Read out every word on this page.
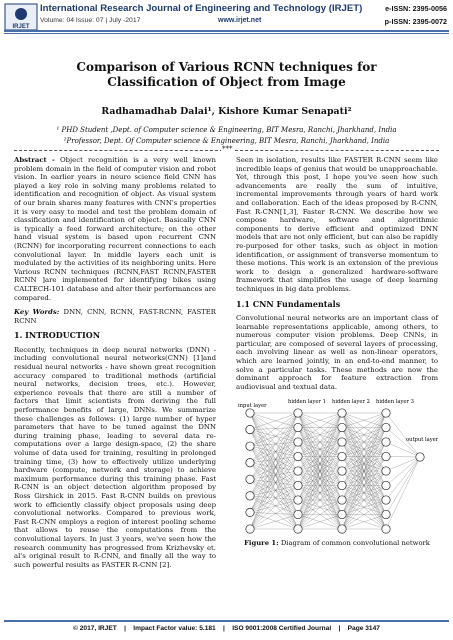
IRJET
International Research Journal of Engineering and Technology (IRJET)
Volume: 04 Issue: 07 | July -2017	www.irjet.net
e-ISSN: 2395-0056
p-ISSN: 2395-0072
Comparison of Various RCNN techniques for Classification of Object from Image
Radhamadhab Dalai¹, Kishore Kumar Senapati²
¹ PHD Student ,Dept. of Computer science & Engineering, BIT Mesra, Ranchi, Jharkhand, India
²Professor, Dept. Of Computer science & Engineering, BIT Mesra, Ranchi, Jharkhand, India
***

Abstract - Object recognition is a very well known problem domain in the field of computer vision and robot vision. In earlier years in neuro science field CNN has played a key role in solving many problems related to identification and recognition of object. As visual system of our brain shares many features with CNN's properties it is very easy to model and test the problem domain of classification and identification of object. Basically CNN is typically a feed forward architecture; on the other hand visual system is based upon recurrent CNN (RCNN) for incorporating recurrent connections to each convolutional layer. In middle layers each unit is modulated by the activities of its neighboring units. Here Various RCNN techniques (RCNN,FAST RCNN,FASTER RCNN ]are implemented for identifying bikes using CALTECH-101 database and alter their performances are compared.

Key Words: DNN, CNN, RCNN, FAST-RCNN, FASTER RCNN

1. INTRODUCTION

Recently, techniques in deep neural networks (DNN) - including convolutional neural networks(CNN) [1]and residual neural networks - have shown great recognition accuracy compared to traditional methods (artificial neural networks, decision trees, etc.). However, experience reveals that there are still a number of factors that limit scientists from deriving the full performance benefits of large, DNNs. We summarize these challenges as follows: (1) large number of hyper parameters that have to be tuned against the DNN during training phase, leading to several data re-computations over a large design-space, (2) the share volume of data used for training, resulting in prolonged training time, (3) how to effectively utilize underlying hardware (compute, network and storage) to achieve maximum performance during this training phase. Fast R-CNN is an object detection algorithm proposed by Ross Girshick in 2015. Fast R-CNN builds on previous work to efficiently classify object proposals using deep convolutional networks. Compared to previous work, Fast R-CNN employs a region of interest pooling scheme that allows to reuse the computations from the convolutional layers. In just 3 years, we've seen how the research community has progressed from Krizhevsky et. al's original result to R-CNN, and finally all the way to such powerful results as FASTER R-CNN [2].

Seen in isolation, results like FASTER R-CNN seem like incredible leaps of genius that would be unapproachable. Yet, through this post, I hope you've seen how such advancements are really the sum of intuitive, incremental improvements through years of hard work and collaboration. Each of the ideas proposed by R-CNN, Fast R-CNN[1,3], Faster R-CNN. We describe how we compose hardware, software and algorithmic components to derive efficient and optimized DNN models that are not only efficient, but can also be rapidly re-purposed for other tasks, such as object in motion identification, or assignment of transverse momentum to these motions. This work is an extension of the previous work to design a generalized hardware-software framework that simplifies the usage of deep learning techniques in big data problems.

1.1 CNN Fundamentals

Convolutional neural networks are an important class of learnable representations applicable, among others, to numerous computer vision problems. Deep CNNs, in particular, are composed of several layers of processing, each involving linear as well as non-linear operators, which are learned jointly, in an end-to-end manner, to solve a particular tasks. These methods are now the dominant approach for feature extraction from audiovisual and textual data.

input layer
hidden layer 1 hidden layer 2 hidden layer 3
output layer
Figure 1: Diagram of common convolutional network
© 2017, IRJET    |    Impact Factor value: 5.181    |    ISO 9001:2008 Certified Journal    |    Page 3147
